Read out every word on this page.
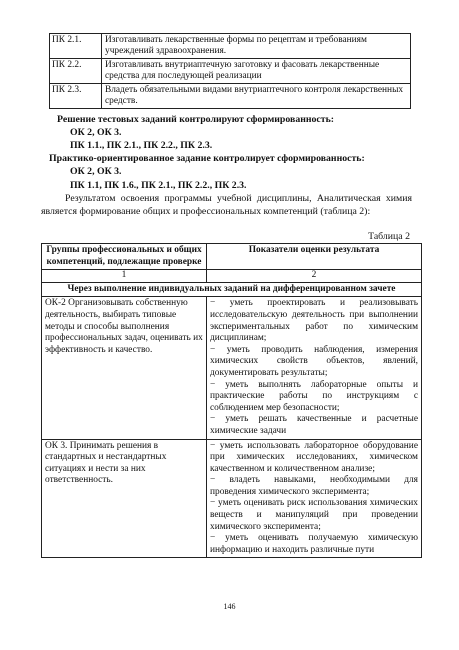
ПК 2.1.	Изготавливать лекарственные формы по рецептам и требованиям учреждений здравоохранения.
ПК 2.2.	Изготавливать внутриаптечную заготовку и фасовать лекарственные средства для последующей реализации
ПК 2.3.	Владеть обязательными видами внутриаптечного контроля лекарственных средств.
Решение тестовых заданий контролируют сформированность:
ОК 2, ОК 3.
ПК 1.1., ПК 2.1., ПК 2.2., ПК 2.3.
Практико-ориентированное задание контролирует сформированность:
ОК 2, ОК 3.
ПК 1.1, ПК 1.6., ПК 2.1., ПК 2.2., ПК 2.3.
Результатом освоения программы учебной дисциплины, Аналитическая химия является формирование общих и профессиональных компетенций (таблица 2):
Таблица 2
Группы профессиональных и общих компетенций, подлежащие проверке	Показатели оценки результата
1	2
Через выполнение индивидуальных заданий на дифференцированном зачете	
ОК-2 Организовывать собственную деятельность, выбирать типовые методы и способы выполнения профессиональных задач, оценивать их эффективность и качество.	− уметь проектировать и реализовывать исследовательскую деятельность при выполнении экспериментальных работ по химическим дисциплинам;
− уметь проводить наблюдения, измерения химических свойств объектов, явлений, документировать результаты;
− уметь выполнять лабораторные опыты и практические работы по инструкциям с соблюдением мер безопасности;
− уметь решать качественные и расчетные химические задачи

ОК 3. Принимать решения в стандартных и нестандартных ситуациях и нести за них ответственность.	− уметь использовать лабораторное оборудование при химических исследованиях, химическом качественном и количественном анализе;
− владеть навыками, необходимыми для проведения химического эксперимента;
− уметь оценивать риск использования химических веществ и манипуляций при проведении химического эксперимента;
− уметь оценивать получаемую химическую информацию и находить различные пути
146
